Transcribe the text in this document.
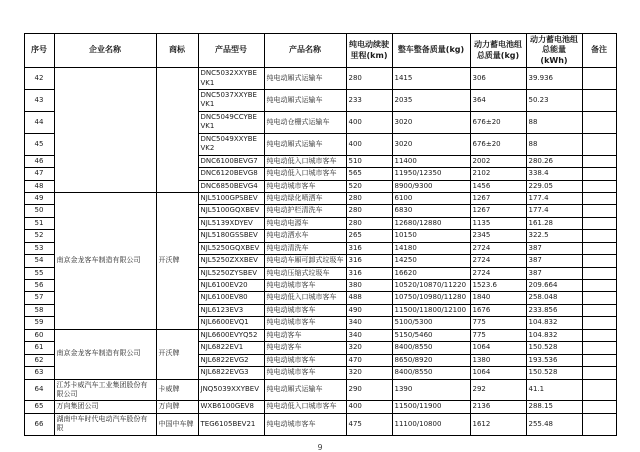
序号	企业名称	商标	产品型号	产品名称	纯电动续驶里程(km)	整车整备质量(kg)	动力蓄电池组总质量(kg)	动力蓄电池组总能量(kWh)	备注
42			DNC5032XXYBEVK1	纯电动厢式运输车	280	1415	306	39.936	
43			DNC5037XXYBEVK1	纯电动厢式运输车	233	2035	364	50.23	
44			DNC5049CCYBEVK1	纯电动仓栅式运输车	400	3020	676±20	88	
45			DNC5049XXYBEVK2	纯电动厢式运输车	400	3020	676±20	88	
46			DNC6100BEVG7	纯电动低入口城市客车	510	11400	2002	280.26	
47			DNC6120BEVG8	纯电动低入口城市客车	565	11950/12350	2102	338.4	
48			DNC6850BEVG4	纯电动城市客车	520	8900/9300	1456	229.05	
49	南京金龙客车制造有限公司	开沃牌	NJL5100GPSBEV	纯电动绿化喷洒车	280	6100	1267	177.4	
50			NJL5100GQXBEV	纯电动护栏清洗车	280	6830	1267	177.4	
51			NJL5139XDYEV	纯电动电源车	280	12680/12880	1135	161.28	
52			NJL5180GSSBEV	纯电动洒水车	265	10150	2345	322.5	
53			NJL5250GQXBEV	纯电动清洗车	316	14180	2724	387	
54			NJL5250ZXXBEV	纯电动车厢可卸式垃圾车	316	14250	2724	387	
55			NJL5250ZYSBEV	纯电动压缩式垃圾车	316	16620	2724	387	
56			NJL6100EV20	纯电动城市客车	380	10520/10870/11220	1523.6	209.664	
57			NJL6100EV80	纯电动低入口城市客车	488	10750/10980/11280	1840	258.048	
58			NJL6123EV3	纯电动城市客车	490	11500/11800/12100	1676	233.856	
59			NJL6600EVQ1	纯电动城市客车	340	5100/5300	775	104.832	
60	南京金龙客车制造有限公司	开沃牌	NJL6600EVYQ52	纯电动客车	340	5150/5460	775	104.832	
61			NJL6822EV1	纯电动客车	320	8400/8550	1064	150.528	
62			NJL6822EVG2	纯电动城市客车	470	8650/8920	1380	193.536	
63			NJL6822EVG3	纯电动城市客车	320	8400/8550	1064	150.528	
64	江苏卡威汽车工业集团股份有限公司	卡威牌	JNQ5039XXYBEV	纯电动厢式运输车	290	1390	292	41.1	
65	万向集团公司	万向牌	WXB6100GEV8	纯电动低入口城市客车	400	11500/11900	2136	288.15	
66	湖南中车时代电动汽车股份有限	中国中车牌	TEG6105BEV21	纯电动城市客车	475	11100/10800	1612	255.48	
9
